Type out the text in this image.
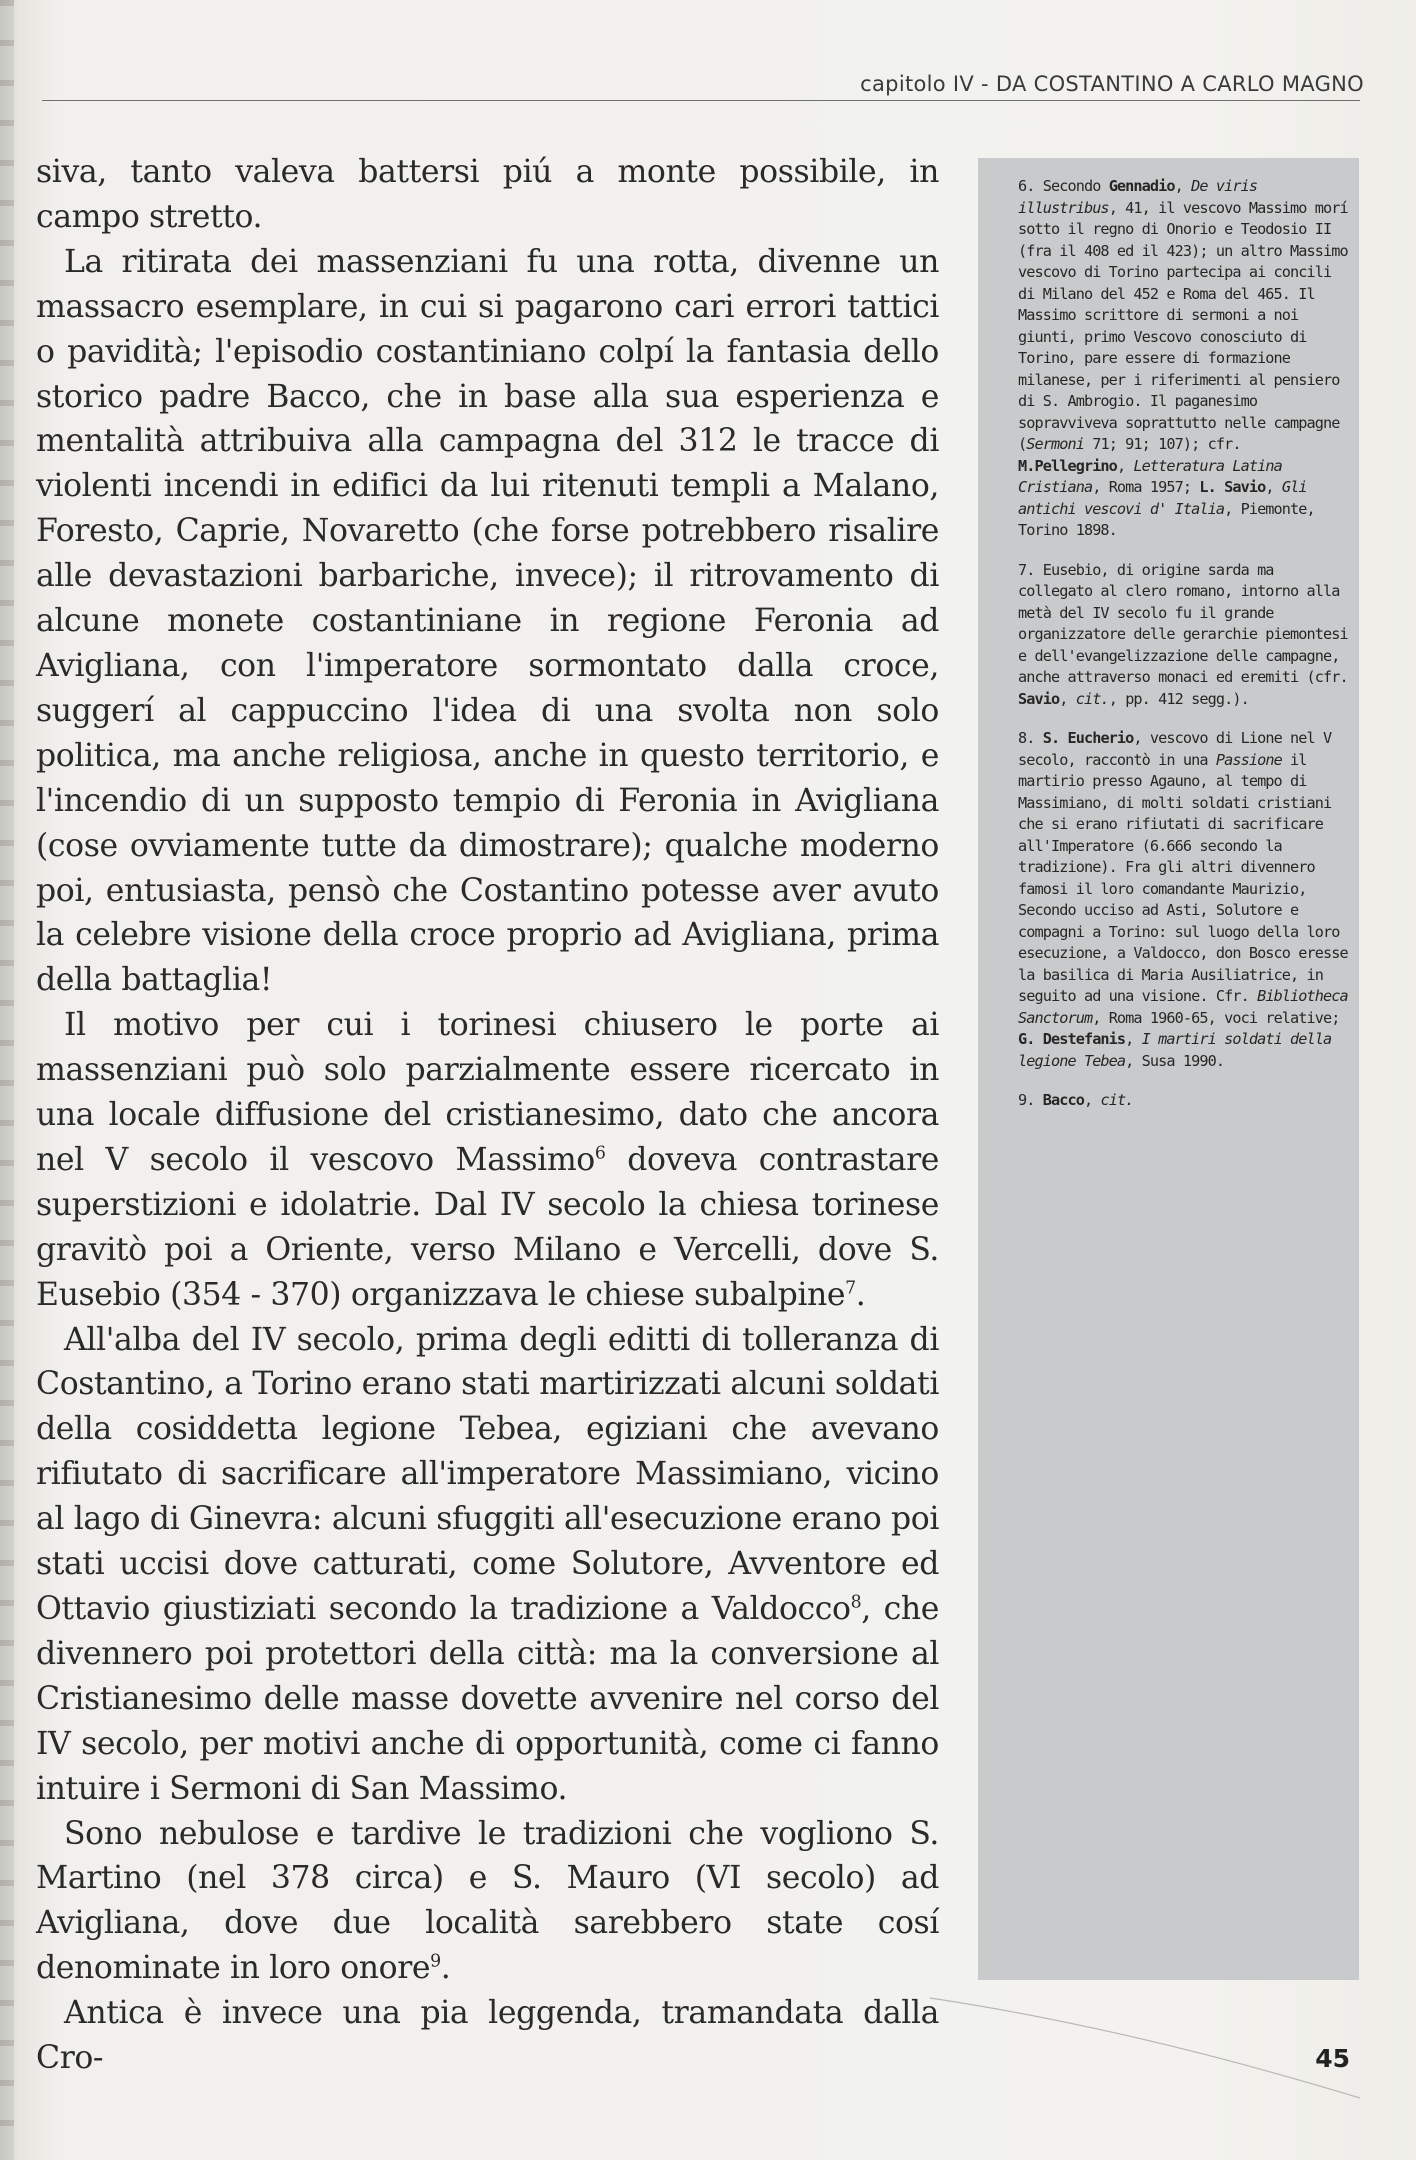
capitolo IV - DA COSTANTINO A CARLO MAGNO

6. Secondo Gennadio, De viris illustribus, 41, il vescovo Massimo morí sotto il regno di Onorio e Teodosio II (fra il 408 ed il 423); un altro Massimo vescovo di Torino partecipa ai concili di Milano del 452 e Roma del 465. Il Massimo scrittore di sermoni a noi giunti, primo Vescovo conosciuto di Torino, pare essere di formazione milanese, per i riferimenti al pensiero di S. Ambrogio. Il paganesimo sopravviveva soprattutto nelle campagne (Sermoni 71; 91; 107); cfr. M.Pellegrino, Letteratura Latina Cristiana, Roma 1957; L. Savio, Gli antichi vescovi d' Italia, Piemonte, Torino 1898.

7. Eusebio, di origine sarda ma collegato al clero romano, intorno alla metà del IV secolo fu il grande organizzatore delle gerarchie piemontesi e dell'evangelizzazione delle campagne, anche attraverso monaci ed eremiti (cfr. Savio, cit., pp. 412 segg.).

8. S. Eucherio, vescovo di Lione nel V secolo, raccontò in una Passione il martirio presso Agauno, al tempo di Massimiano, di molti soldati cristiani che si erano rifiutati di sacrificare all'Imperatore (6.666 secondo la tradizione). Fra gli altri divennero famosi il loro comandante Maurizio, Secondo ucciso ad Asti, Solutore e compagni a Torino: sul luogo della loro esecuzione, a Valdocco, don Bosco eresse la basilica di Maria Ausiliatrice, in seguito ad una visione. Cfr. Bibliotheca Sanctorum, Roma 1960-65, voci relative; G. Destefanis, I martiri soldati della legione Tebea, Susa 1990.

9. Bacco, cit.

siva, tanto valeva battersi piú a monte possibile, in campo stretto.

La ritirata dei massenziani fu una rotta, divenne un massacro esemplare, in cui si pagarono cari errori tattici o pavidità; l'episodio costantiniano colpí la fantasia dello storico padre Bacco, che in base alla sua esperienza e mentalità attribuiva alla campagna del 312 le tracce di violenti incendi in edifici da lui ritenuti templi a Malano, Foresto, Caprie, Novaretto (che forse potrebbero risalire alle devastazioni barbariche, invece); il ritrovamento di alcune monete costantiniane in regione Feronia ad Avigliana, con l'imperatore sormontato dalla croce, suggerí al cappuccino l'idea di una svolta non solo politica, ma anche religiosa, anche in questo territorio, e l'incendio di un supposto tempio di Feronia in Avigliana (cose ovviamente tutte da dimostrare); qualche moderno poi, entusiasta, pensò che Costantino potesse aver avuto la celebre visione della croce proprio ad Avigliana, prima della battaglia!

Il motivo per cui i torinesi chiusero le porte ai massenziani può solo parzialmente essere ricercato in una locale diffusione del cristianesimo, dato che ancora nel V secolo il vescovo Massimo$^6$ doveva contrastare superstizioni e idolatrie. Dal IV secolo la chiesa torinese gravitò poi a Oriente, verso Milano e Vercelli, dove S. Eusebio (354 - 370) organizzava le chiese subalpine$^7$.

All'alba del IV secolo, prima degli editti di tolleranza di Costantino, a Torino erano stati martirizzati alcuni soldati della cosiddetta legione Tebea, egiziani che avevano rifiutato di sacrificare all'imperatore Massimiano, vicino al lago di Ginevra: alcuni sfuggiti all'esecuzione erano poi stati uccisi dove catturati, come Solutore, Avventore ed Ottavio giustiziati secondo la tradizione a Valdocco$^8$, che divennero poi protettori della città: ma la conversione al Cristianesimo delle masse dovette avvenire nel corso del IV secolo, per motivi anche di opportunità, come ci fanno intuire i Sermoni di San Massimo.

Sono nebulose e tardive le tradizioni che vogliono S. Martino (nel 378 circa) e S. Mauro (VI secolo) ad Avigliana, dove due località sarebbero state cosí denominate in loro onore$^9$.

Antica è invece una pia leggenda, tramandata dalla Cro-	45
